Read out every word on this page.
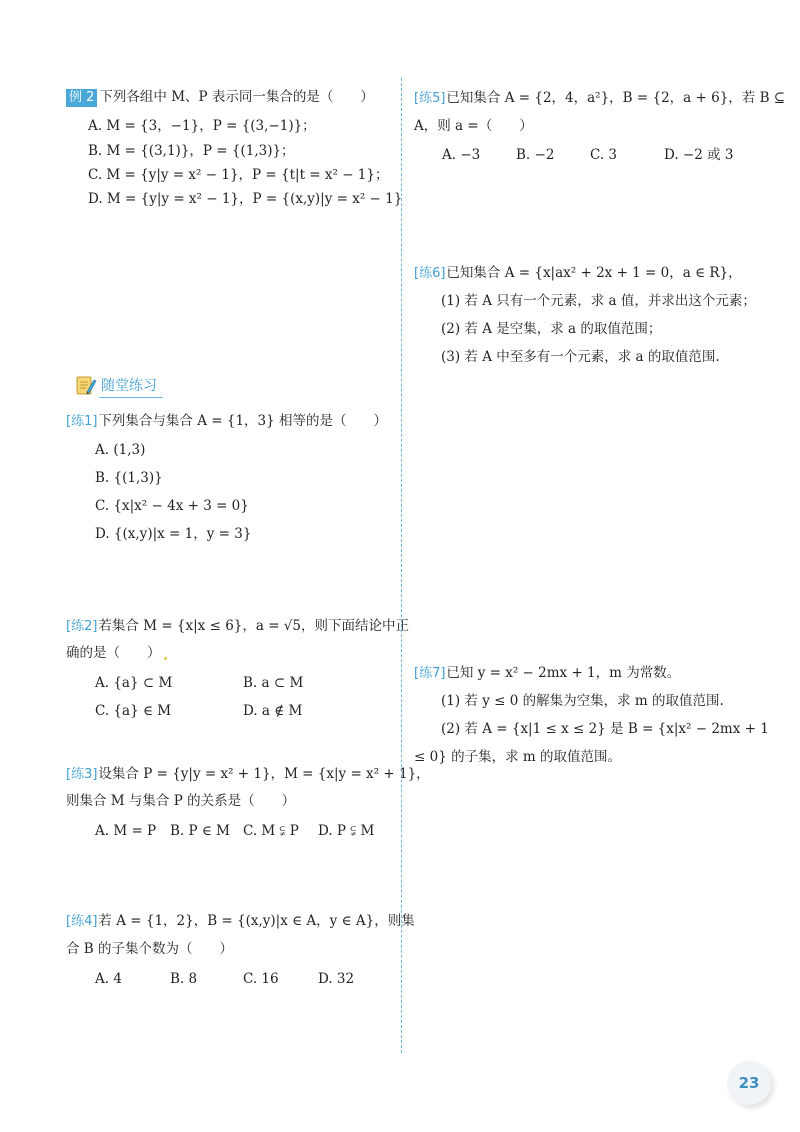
例 2 下列各组中 M、P 表示同一集合的是（　　）
A. M = {3，−1}，P = {(3,−1)}；
B. M = {(3,1)}，P = {(1,3)}；
C. M = {y|y = x² − 1}，P = {t|t = x² − 1}；
D. M = {y|y = x² − 1}，P = {(x,y)|y = x² − 1}
随堂练习
[练1]下列集合与集合 A = {1，3} 相等的是（　　）
A. (1,3)
B. {(1,3)}
C. {x|x² − 4x + 3 = 0}
D. {(x,y)|x = 1，y = 3}
[练2]若集合 M = {x|x ≤ 6}，a = √5，则下面结论中正
确的是（　　）
A. {a} ⊂ M	B. a ⊂ M
C. {a} ∈ M	D. a ∉ M
[练3]设集合 P = {y|y = x² + 1}，M = {x|y = x² + 1}，
则集合 M 与集合 P 的关系是（　　）
A. M = P B. P ∈ M C. M ⫋ P D. P ⫋ M
[练4]若 A = {1，2}，B = {(x,y)|x ∈ A，y ∈ A}，则集
合 B 的子集个数为（　　）
A. 4	B. 8	C. 16	D. 32
[练5]已知集合 A = {2，4，a²}，B = {2，a + 6}，若 B ⊆
A，则 a =（　　）
A. −3	B. −2	C. 3	D. −2 或 3
[练6]已知集合 A = {x|ax² + 2x + 1 = 0，a ∈ R}，
(1) 若 A 只有一个元素，求 a 值，并求出这个元素；
(2) 若 A 是空集，求 a 的取值范围；
(3) 若 A 中至多有一个元素，求 a 的取值范围.
[练7]已知 y = x² − 2mx + 1，m 为常数。
(1) 若 y ≤ 0 的解集为空集，求 m 的取值范围.
(2) 若 A = {x|1 ≤ x ≤ 2} 是 B = {x|x² − 2mx + 1
≤ 0} 的子集，求 m 的取值范围。
23
